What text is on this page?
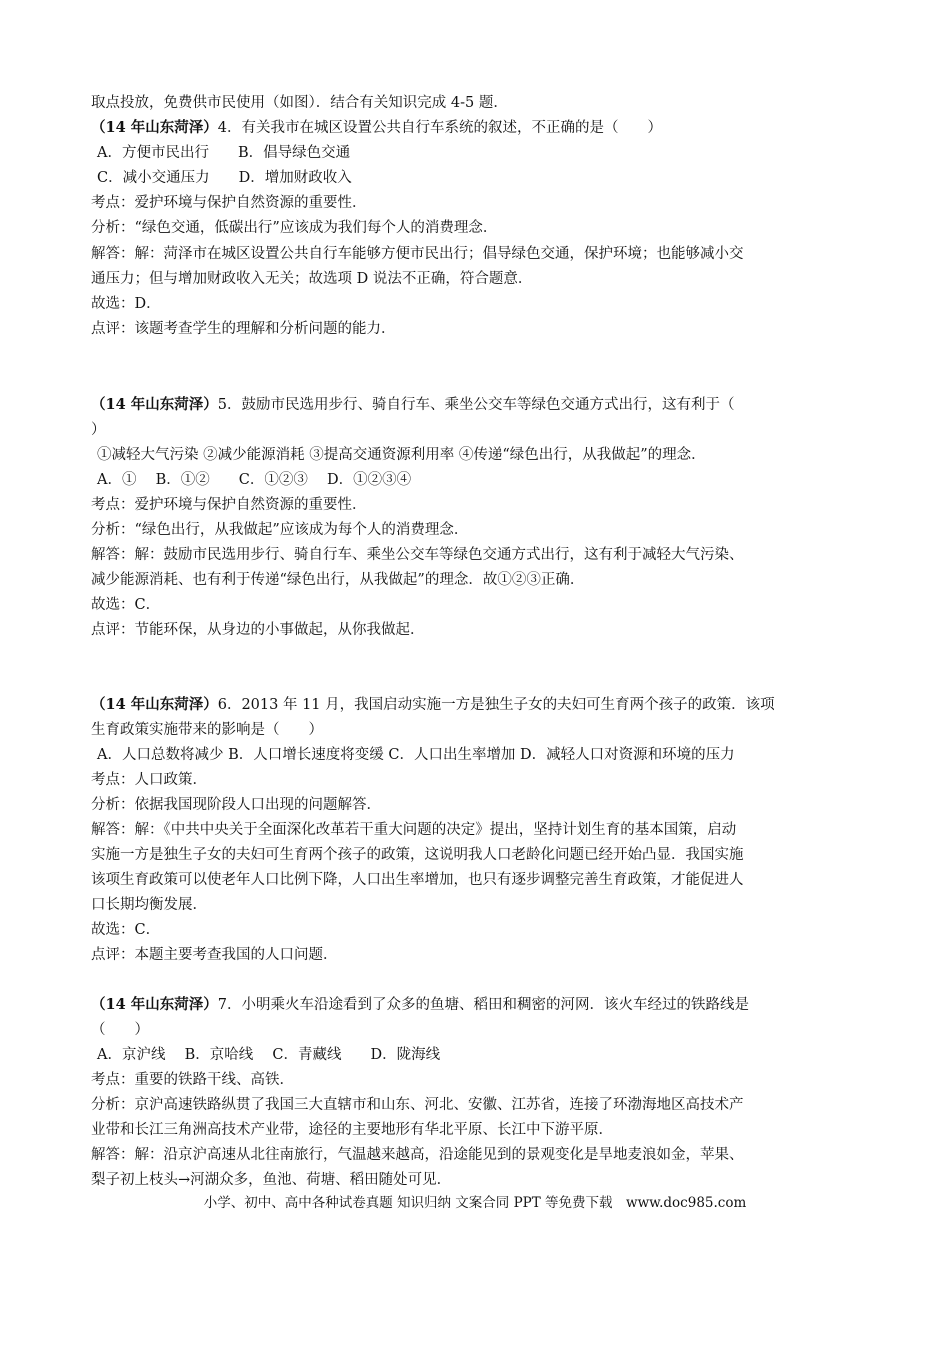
取点投放，免费供市民使用（如图）．结合有关知识完成 4-5 题．
（14 年山东菏泽）4．有关我市在城区设置公共自行车系统的叙述，不正确的是（　　）
A．方便市民出行　　B．倡导绿色交通
C．减小交通压力　　D．增加财政收入
考点：爱护环境与保护自然资源的重要性．
分析：“绿色交通，低碳出行”应该成为我们每个人的消费理念．
解答：解：菏泽市在城区设置公共自行车能够方便市民出行；倡导绿色交通，保护环境；也能够减小交
通压力；但与增加财政收入无关；故选项 D 说法不正确，符合题意．
故选：D．
点评：该题考查学生的理解和分析问题的能力．
（14 年山东菏泽）5．鼓励市民选用步行、骑自行车、乘坐公交车等绿色交通方式出行，这有利于（
）
①减轻大气污染 ②减少能源消耗 ③提高交通资源利用率 ④传递“绿色出行，从我做起”的理念．
A．①　 B．①②　　C．①②③　 D．①②③④
考点：爱护环境与保护自然资源的重要性．
分析：“绿色出行，从我做起”应该成为每个人的消费理念．
解答：解：鼓励市民选用步行、骑自行车、乘坐公交车等绿色交通方式出行，这有利于减轻大气污染、
减少能源消耗、也有利于传递“绿色出行，从我做起”的理念．故①②③正确．
故选：C．
点评：节能环保，从身边的小事做起，从你我做起．
（14 年山东菏泽）6．2013 年 11 月，我国启动实施一方是独生子女的夫妇可生育两个孩子的政策．该项
生育政策实施带来的影响是（　　）
A．人口总数将减少 B．人口增长速度将变缓 C．人口出生率增加 D．减轻人口对资源和环境的压力
考点：人口政策．
分析：依据我国现阶段人口出现的问题解答．
解答：解：《中共中央关于全面深化改革若干重大问题的决定》提出，坚持计划生育的基本国策，启动
实施一方是独生子女的夫妇可生育两个孩子的政策，这说明我人口老龄化问题已经开始凸显．我国实施
该项生育政策可以使老年人口比例下降，人口出生率增加，也只有逐步调整完善生育政策，才能促进人
口长期均衡发展．
故选：C．
点评：本题主要考查我国的人口问题．
（14 年山东菏泽）7．小明乘火车沿途看到了众多的鱼塘、稻田和稠密的河网．该火车经过的铁路线是
（　　）
A．京沪线　 B．京哈线　 C．青藏线　　D．陇海线
考点：重要的铁路干线、高铁．
分析：京沪高速铁路纵贯了我国三大直辖市和山东、河北、安徽、江苏省，连接了环渤海地区高技术产
业带和长江三角洲高技术产业带，途径的主要地形有华北平原、长江中下游平原．
解答：解：沿京沪高速从北往南旅行，气温越来越高，沿途能见到的景观变化是旱地麦浪如金，苹果、
梨子初上枝头→河湖众多，鱼池、荷塘、稻田随处可见．
小学、初中、高中各种试卷真题 知识归纳 文案合同 PPT 等免费下载　www.doc985.com
